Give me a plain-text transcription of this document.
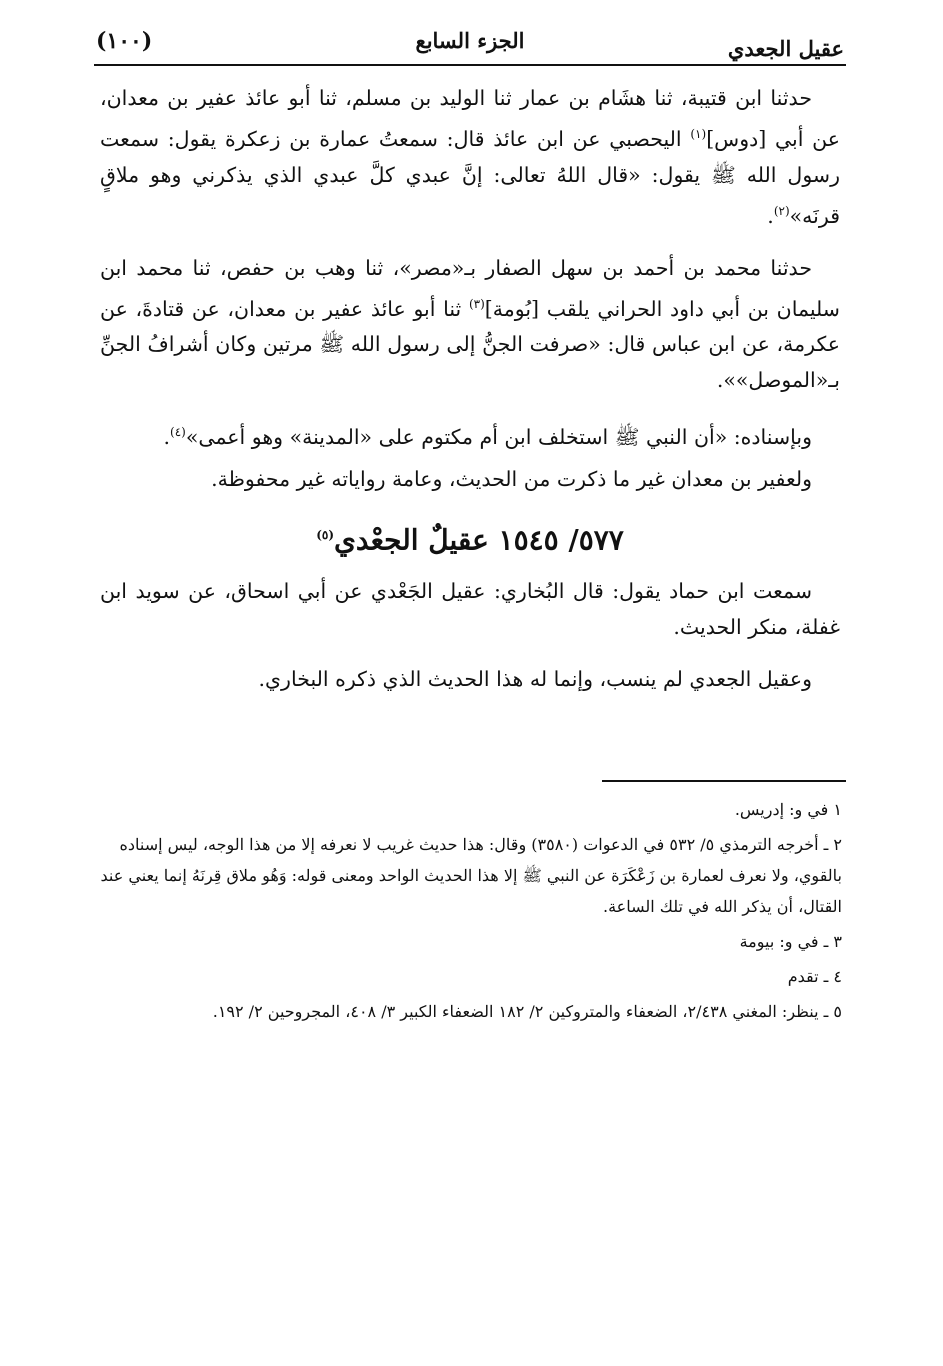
(١٠٠)	الجزء السابع	عقيل الجعدي

حدثنا ابن قتيبة، ثنا هشَام بن عمار ثنا الوليد بن مسلم، ثنا أبو عائذ عفير بن معدان، عن أبي [دوس]$^{(١)}$ اليحصبي عن ابن عائذ قال: سمعتُ عمارة بن زعكرة يقول: سمعت رسول الله ﷺ يقول: «قال اللهُ تعالى: إنَّ عبدي كلَّ عبدي الذي يذكرني وهو ملاقٍ قرنَه»$^{(٢)}$.

حدثنا محمد بن أحمد بن سهل الصفار بـ«مصر»، ثنا وهب بن حفص، ثنا محمد ابن سليمان بن أبي داود الحراني يلقب [بُومة]$^{(٣)}$ ثنا أبو عائذ عفير بن معدان، عن قتادةَ، عن عكرمة، عن ابن عباس قال: «صرفت الجنُّ إلى رسول الله ﷺ مرتين وكان أشرافُ الجنِّ بـ«الموصل»».

وبإسناده: «أن النبي ﷺ استخلف ابن أم مكتوم على «المدينة» وهو أعمى»$^{(٤)}$.

ولعفير بن معدان غير ما ذكرت من الحديث، وعامة رواياته غير محفوظة.

٥٧٧/ ١٥٤٥ عقيلٌ الجعْدي$^{(٥)}$

سمعت ابن حماد يقول: قال البُخاري: عقيل الجَعْدي عن أبي اسحاق، عن سويد ابن غفلة، منكر الحديث.

وعقيل الجعدي لم ينسب، وإنما له هذا الحديث الذي ذكره البخاري.

١ في و: إدريس.

٢ ـ أخرجه الترمذي ٥/ ٥٣٢ في الدعوات (٣٥٨٠) وقال: هذا حديث غريب لا نعرفه إلا من هذا الوجه، ليس إسناده بالقوي، ولا نعرف لعمارة بن زَعْكَرَة عن النبي ﷺ إلا هذا الحديث الواحد ومعنى قوله: وَهُو ملاق قِرنَهُ إنما يعني عند القتال، أن يذكر الله في تلك الساعة.

٣ ـ في و: بيومة

٤ ـ تقدم

٥ ـ ينظر: المغني ٢/٤٣٨، الضعفاء والمتروكين ٢/ ١٨٢ الضعفاء الكبير ٣/ ٤٠٨، المجروحين ٢/ ١٩٢.
